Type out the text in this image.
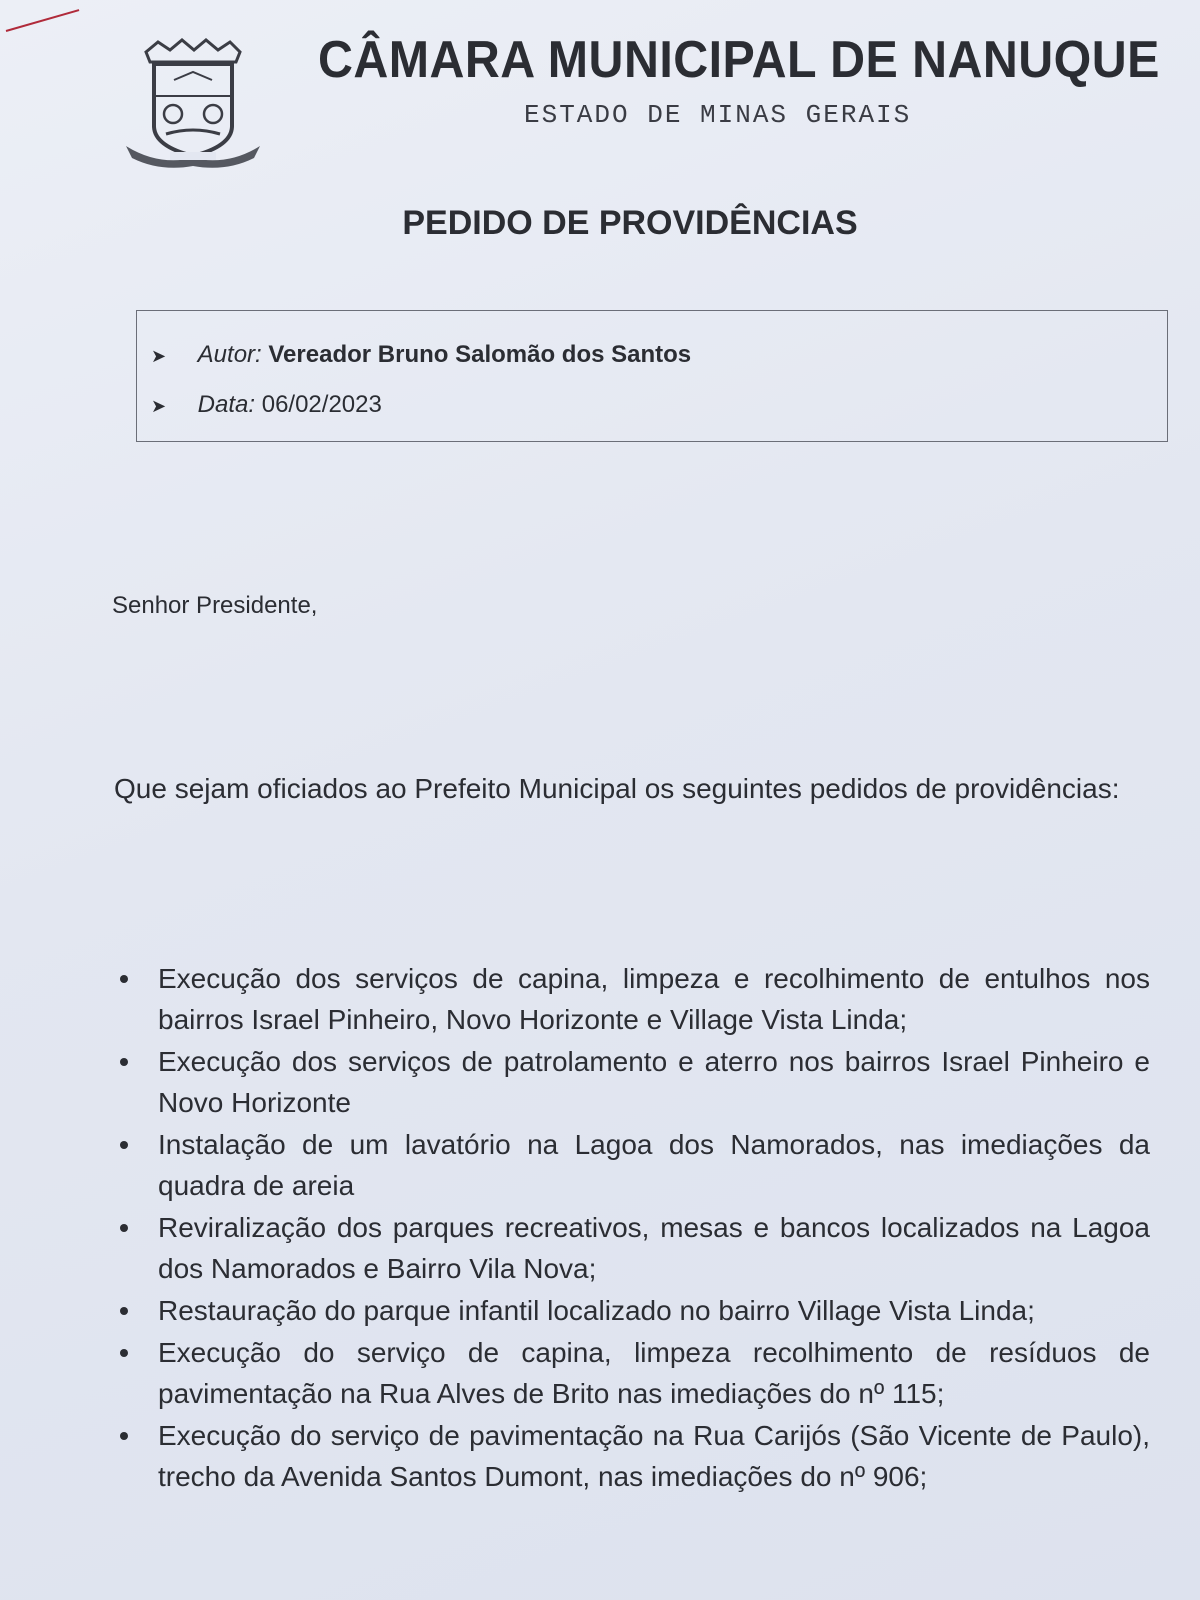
CÂMARA MUNICIPAL DE NANUQUE
ESTADO DE MINAS GERAIS
PEDIDO DE PROVIDÊNCIAS
➤ Autor: Vereador Bruno Salomão dos Santos
➤ Data: 06/02/2023
Senhor Presidente,

Que sejam oficiados ao Prefeito Municipal os seguintes pedidos de providências:

Execução dos serviços de capina, limpeza e recolhimento de entulhos nos bairros Israel Pinheiro, Novo Horizonte e Village Vista Linda;
Execução dos serviços de patrolamento e aterro nos bairros Israel Pinheiro e Novo Horizonte
Instalação de um lavatório na Lagoa dos Namorados, nas imediações da quadra de areia
Reviralização dos parques recreativos, mesas e bancos localizados na Lagoa dos Namorados e Bairro Vila Nova;
Restauração do parque infantil localizado no bairro Village Vista Linda;
Execução do serviço de capina, limpeza recolhimento de resíduos de pavimentação na Rua Alves de Brito nas imediações do nº 115;
Execução do serviço de pavimentação na Rua Carijós (São Vicente de Paulo), trecho da Avenida Santos Dumont, nas imediações do nº 906;
